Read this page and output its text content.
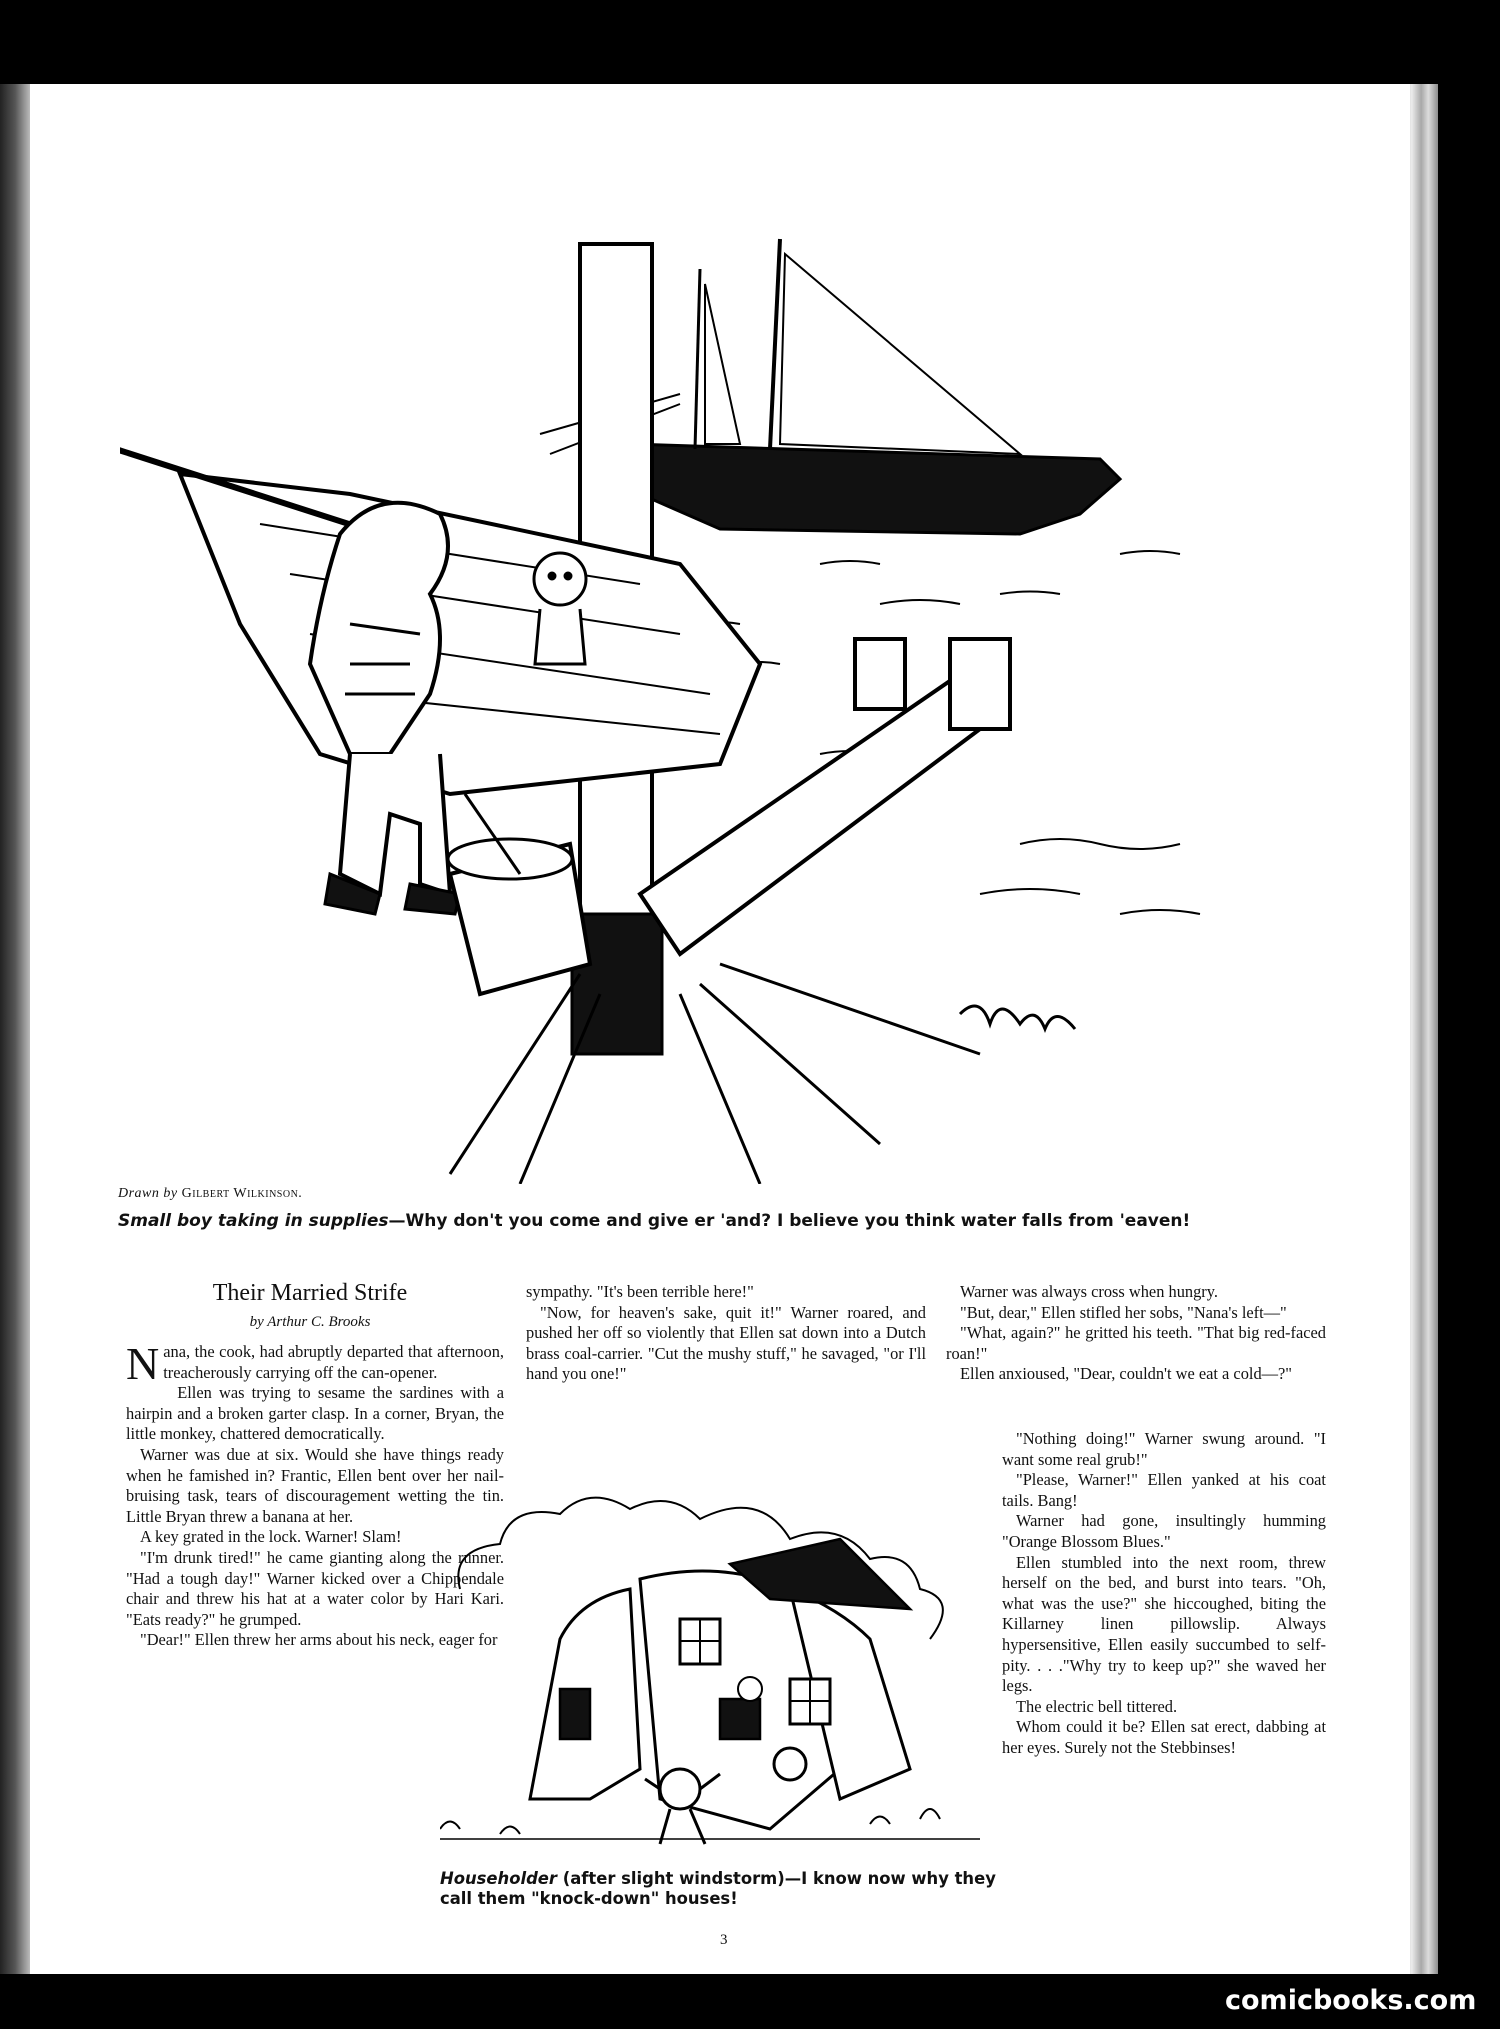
Drawn by Gilbert Wilkinson.
Small boy taking in supplies—Why don't you come and give er 'and? I believe you think water falls from 'eaven!
Their Married Strife
by Arthur C. Brooks

Nana, the cook, had abruptly departed that afternoon, treacherously carrying off the can-opener.

Ellen was trying to sesame the sardines with a hairpin and a broken garter clasp. In a corner, Bryan, the little monkey, chattered democratically.

Warner was due at six. Would she have things ready when he famished in? Frantic, Ellen bent over her nail-bruising task, tears of discouragement wetting the tin. Little Bryan threw a banana at her.

A key grated in the lock. Warner! Slam!

"I'm drunk tired!" he came gianting along the runner. "Had a tough day!" Warner kicked over a Chippendale chair and threw his hat at a water color by Hari Kari. "Eats ready?" he grumped.

"Dear!" Ellen threw her arms about his neck, eager for

sympathy. "It's been terrible here!"

"Now, for heaven's sake, quit it!" Warner roared, and pushed her off so violently that Ellen sat down into a Dutch brass coal-carrier. "Cut the mushy stuff," he savaged, "or I'll hand you one!"

Warner was always cross when hungry.

"But, dear," Ellen stifled her sobs, "Nana's left—"

"What, again?" he gritted his teeth. "That big red-faced roan!"

Ellen anxioused, "Dear, couldn't we eat a cold—?"

"Nothing doing!" Warner swung around. "I want some real grub!"

"Please, Warner!" Ellen yanked at his coat tails. Bang!

Warner had gone, insultingly humming "Orange Blossom Blues."

Ellen stumbled into the next room, threw herself on the bed, and burst into tears. "Oh, what was the use?" she hiccoughed, biting the Killarney linen pillowslip. Always hypersensitive, Ellen easily succumbed to self-pity. . . ."Why try to keep up?" she waved her legs.

The electric bell tittered.

Whom could it be? Ellen sat erect, dabbing at her eyes. Surely not the Stebbinses!

Householder (after slight windstorm)—I know now why they call them "knock-down" houses!
3
comicbooks.com
